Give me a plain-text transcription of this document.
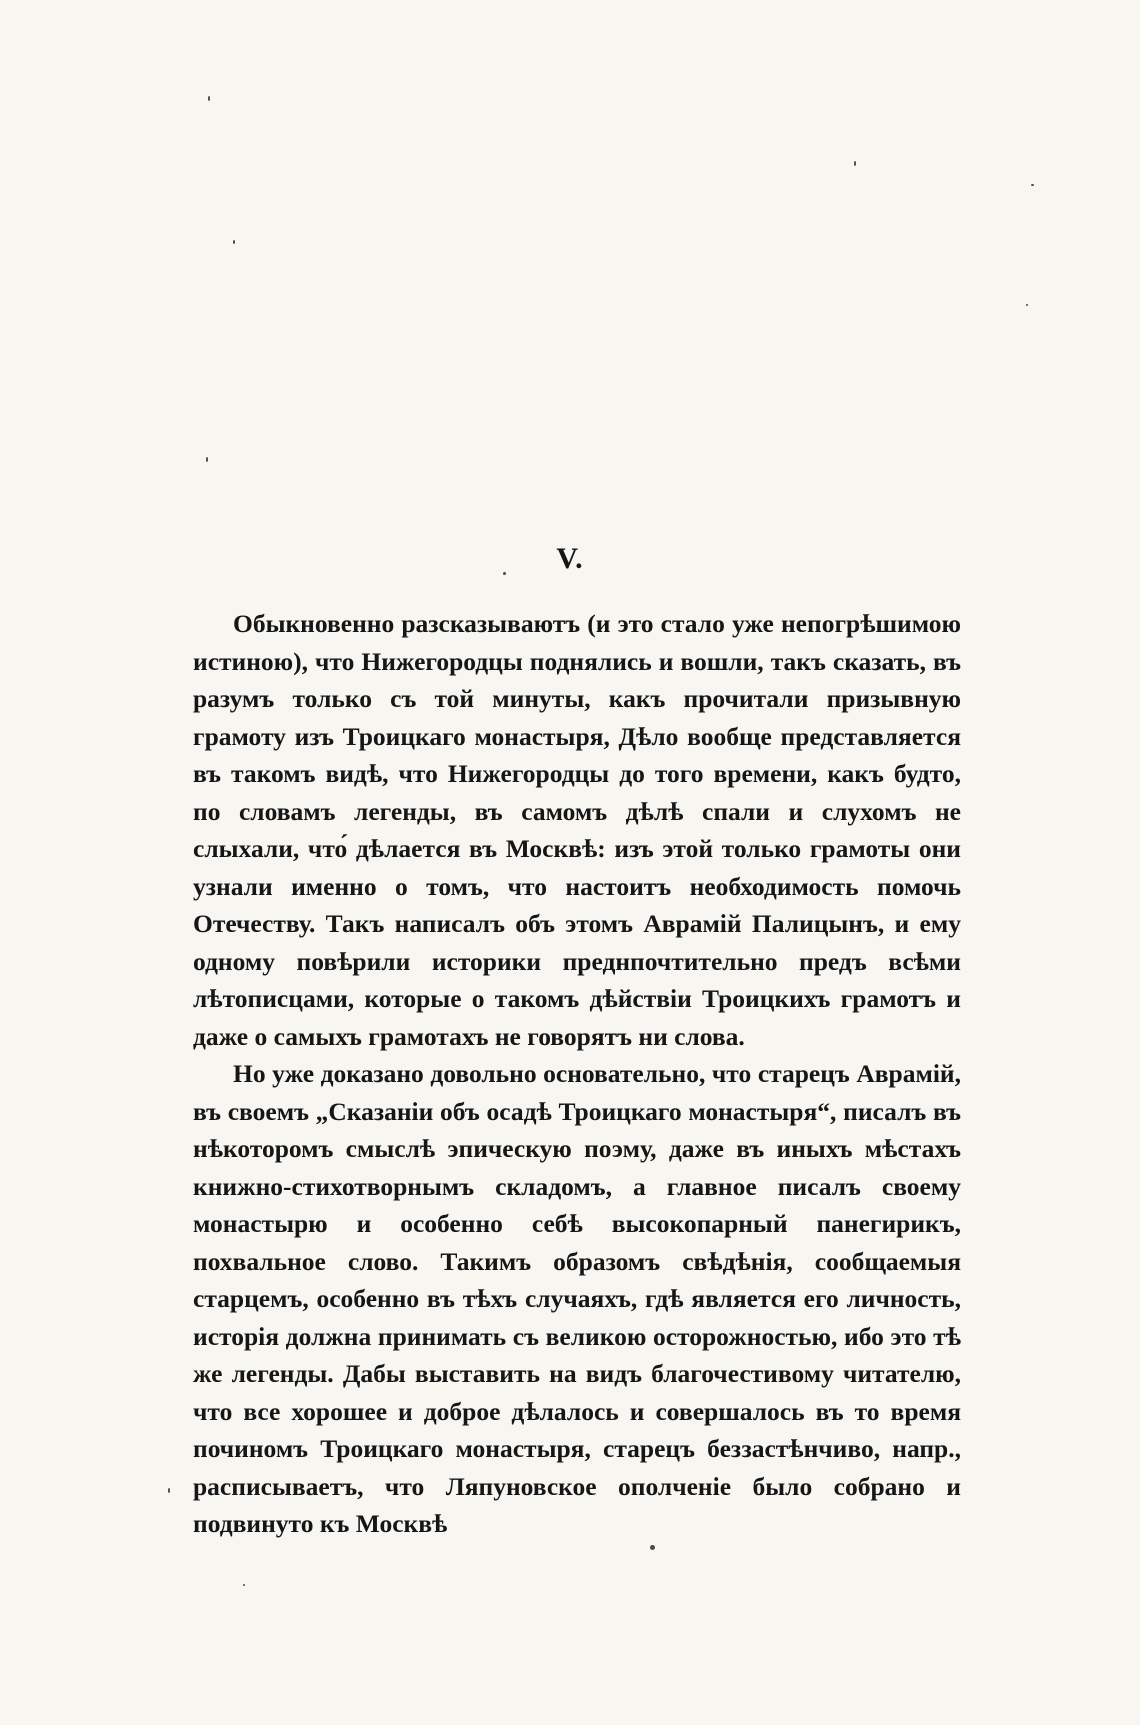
V.

Обыкновенно разсказываютъ (и это стало уже непогрѣшимою истиною), что Нижегородцы поднялись и вошли, такъ сказать, въ разумъ только съ той минуты, какъ прочитали призывную грамоту изъ Троицкаго монастыря, Дѣло вообще представляется въ такомъ видѣ, что Нижегородцы до того времени, какъ будто, по словамъ легенды, въ самомъ дѣлѣ спали и слухомъ не слыхали, что́ дѣлается въ Москвѣ: изъ этой только грамоты они узнали именно о томъ, что настоитъ необходимость помочь Отечеству. Такъ написалъ объ этомъ Аврамій Палицынъ, и ему одному повѣрили историки преднпочтительно предъ всѣми лѣтописцами, которые о такомъ дѣйствіи Троицкихъ грамотъ и даже о самыхъ грамотахъ не говорятъ ни слова.

Но уже доказано довольно основательно, что старецъ Аврамій, въ своемъ „Сказаніи объ осадѣ Троицкаго монастыря“, писалъ въ нѣкоторомъ смыслѣ эпическую поэму, даже въ иныхъ мѣстахъ книжно-стихотворнымъ складомъ, а главное писалъ своему монастырю и особенно себѣ высокопарный панегирикъ, похвальное слово. Такимъ образомъ свѣдѣнія, сообщаемыя старцемъ, особенно въ тѣхъ случаяхъ, гдѣ является его личность, исторія должна принимать съ великою осторожностью, ибо это тѣ же легенды. Дабы выставить на видъ благочестивому читателю, что все хорошее и доброе дѣлалось и совершалось въ то время починомъ Троицкаго монастыря, старецъ беззастѣнчиво, напр., расписываетъ, что Ляпуновское ополченіе было собрано и подвинуто къ Москвѣ
